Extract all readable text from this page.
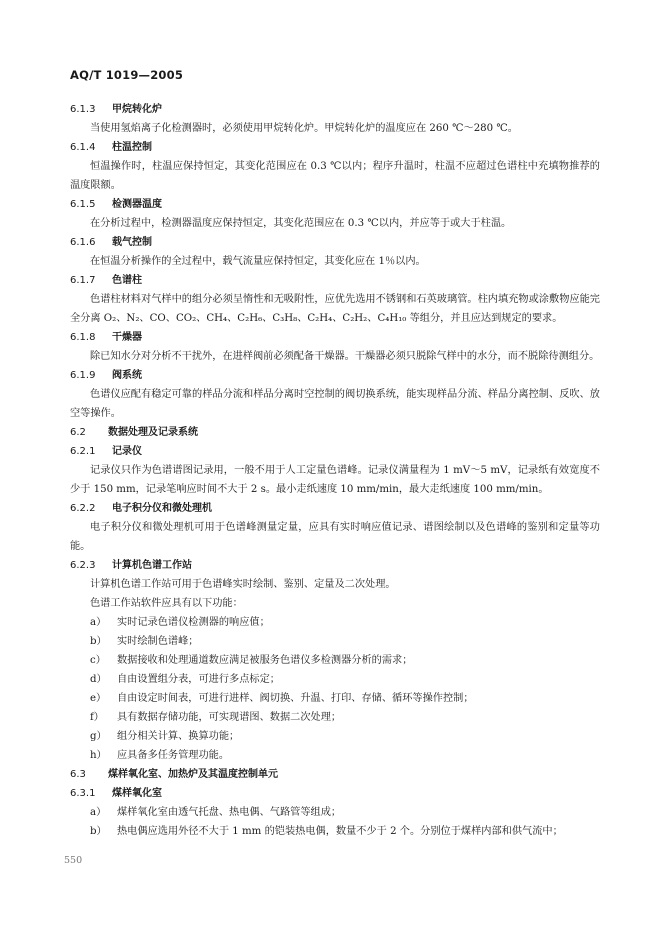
AQ/T 1019—2005
6.1.3 甲烷转化炉
当使用氢焰离子化检测器时，必须使用甲烷转化炉。甲烷转化炉的温度应在 260 ℃～280 ℃。
6.1.4 柱温控制
恒温操作时，柱温应保持恒定，其变化范围应在 0.3 ℃以内；程序升温时，柱温不应超过色谱柱中充填物推荐的温度限额。
6.1.5 检测器温度
在分析过程中，检测器温度应保持恒定，其变化范围应在 0.3 ℃以内，并应等于或大于柱温。
6.1.6 载气控制
在恒温分析操作的全过程中，载气流量应保持恒定，其变化应在 1％以内。
6.1.7 色谱柱
色谱柱材料对气样中的组分必须呈惰性和无吸附性，应优先选用不锈钢和石英玻璃管。柱内填充物或涂敷物应能完全分离 O₂、N₂、CO、CO₂、CH₄、C₂H₆、C₃H₈、C₂H₄、C₂H₂、C₄H₁₀ 等组分，并且应达到规定的要求。
6.1.8 干燥器
除已知水分对分析不干扰外，在进样阀前必须配备干燥器。干燥器必须只脱除气样中的水分，而不脱除待测组分。
6.1.9 阀系统
色谱仪应配有稳定可靠的样品分流和样品分离时空控制的阀切换系统，能实现样品分流、样品分离控制、反吹、放空等操作。
6.2 数据处理及记录系统
6.2.1 记录仪
记录仪只作为色谱谱图记录用，一般不用于人工定量色谱峰。记录仪满量程为 1 mV～5 mV，记录纸有效宽度不少于 150 mm，记录笔响应时间不大于 2 s。最小走纸速度 10 mm/min，最大走纸速度 100 mm/min。
6.2.2 电子积分仪和微处理机
电子积分仪和微处理机可用于色谱峰测量定量，应具有实时响应值记录、谱图绘制以及色谱峰的鉴别和定量等功能。
6.2.3 计算机色谱工作站
计算机色谱工作站可用于色谱峰实时绘制、鉴别、定量及二次处理。
色谱工作站软件应具有以下功能：
a） 实时记录色谱仪检测器的响应值；
b） 实时绘制色谱峰；
c） 数据接收和处理通道数应满足被服务色谱仪多检测器分析的需求；
d） 自由设置组分表，可进行多点标定；
e） 自由设定时间表，可进行进样、阀切换、升温、打印、存储、循环等操作控制；
f） 具有数据存储功能，可实现谱图、数据二次处理；
g） 组分相关计算、换算功能；
h） 应具备多任务管理功能。
6.3 煤样氧化室、加热炉及其温度控制单元
6.3.1 煤样氧化室
a） 煤样氧化室由透气托盘、热电偶、气路管等组成；
b） 热电偶应选用外径不大于 1 mm 的铠装热电偶，数量不少于 2 个。分别位于煤样内部和供气流中；
550
